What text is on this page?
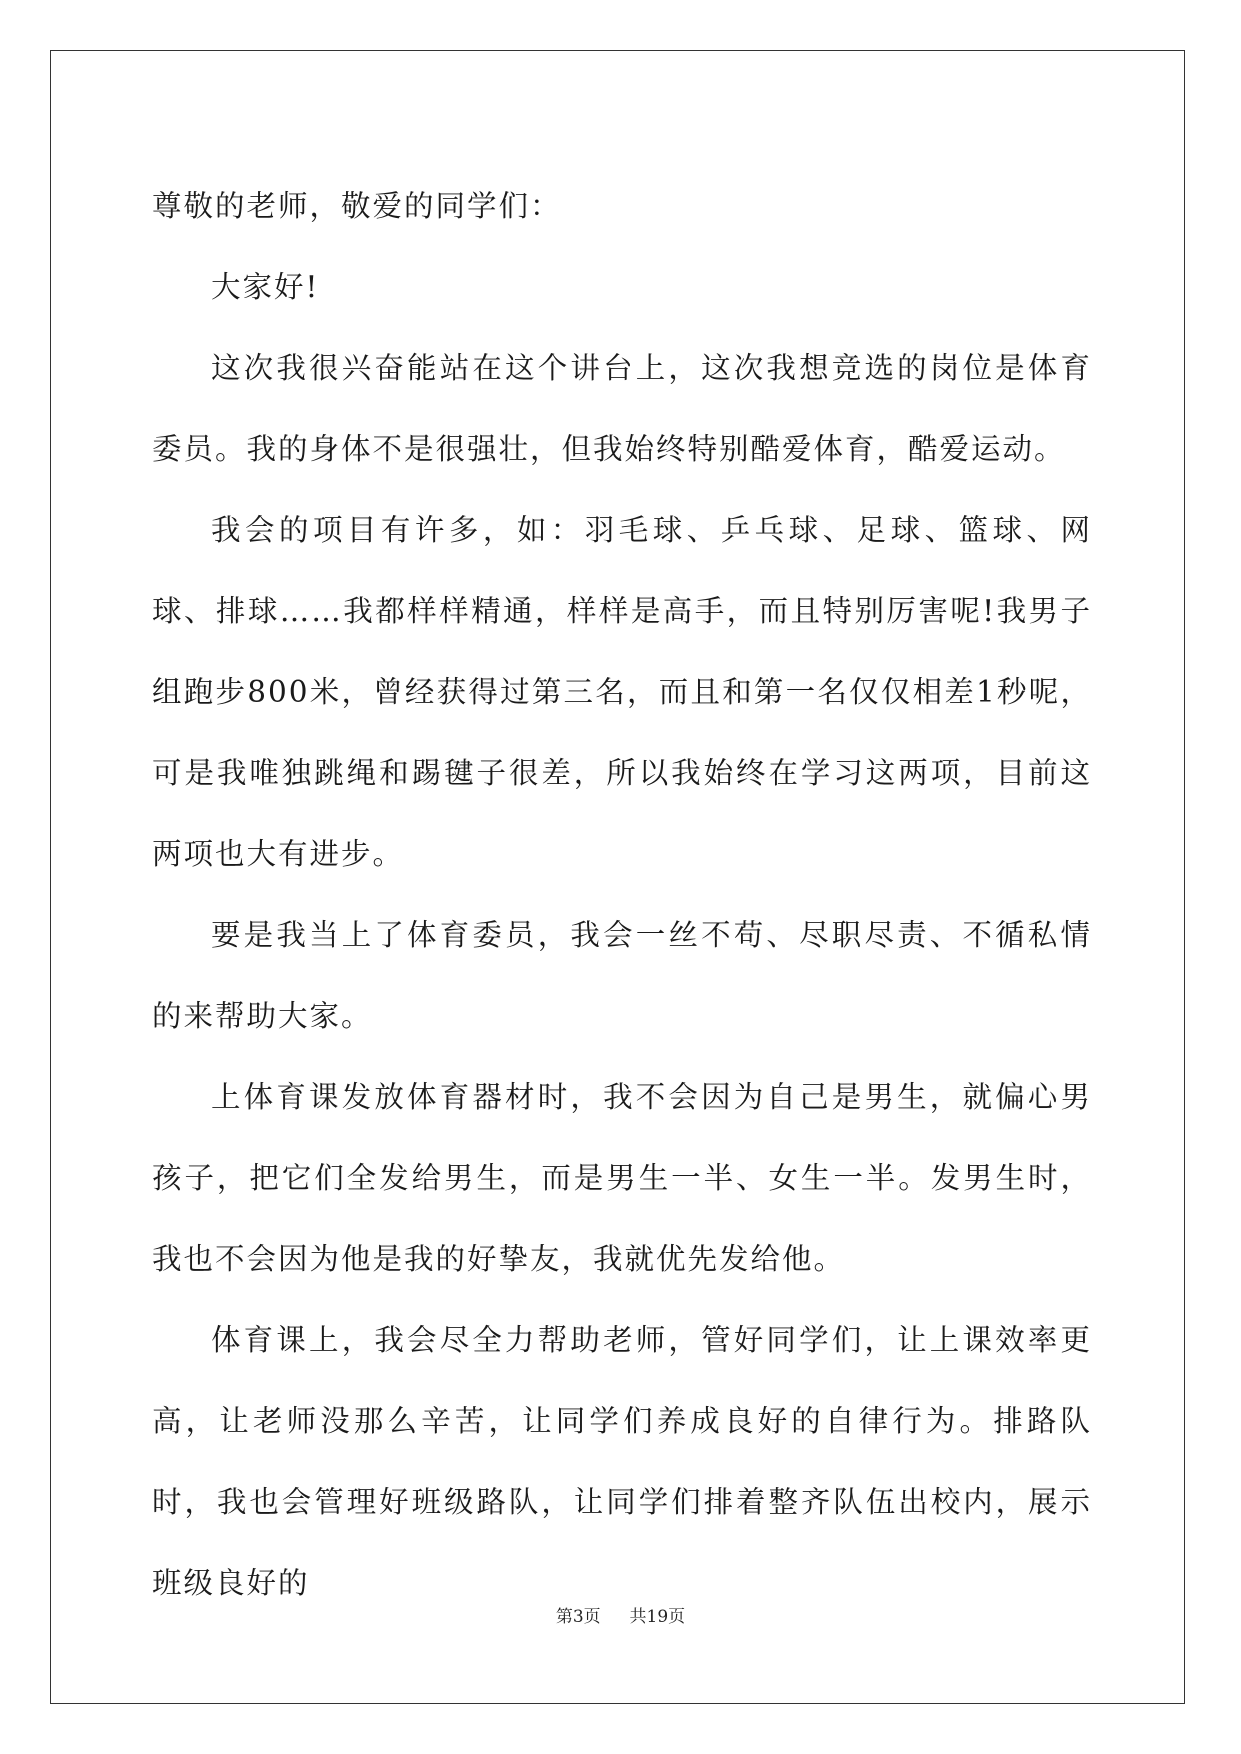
尊敬的老师，敬爱的同学们：

大家好!

这次我很兴奋能站在这个讲台上，这次我想竞选的岗位是体育委员。我的身体不是很强壮，但我始终特别酷爱体育，酷爱运动。

我会的项目有许多，如：羽毛球、乒乓球、足球、篮球、网球、排球……我都样样精通，样样是高手，而且特别厉害呢!我男子组跑步800米，曾经获得过第三名，而且和第一名仅仅相差1秒呢，可是我唯独跳绳和踢毽子很差，所以我始终在学习这两项，目前这两项也大有进步。

要是我当上了体育委员，我会一丝不苟、尽职尽责、不循私情的来帮助大家。

上体育课发放体育器材时，我不会因为自己是男生，就偏心男孩子，把它们全发给男生，而是男生一半、女生一半。发男生时，我也不会因为他是我的好挚友，我就优先发给他。

体育课上，我会尽全力帮助老师，管好同学们，让上课效率更高，让老师没那么辛苦，让同学们养成良好的自律行为。排路队时，我也会管理好班级路队，让同学们排着整齐队伍出校内，展示班级良好的

第3页 共19页
